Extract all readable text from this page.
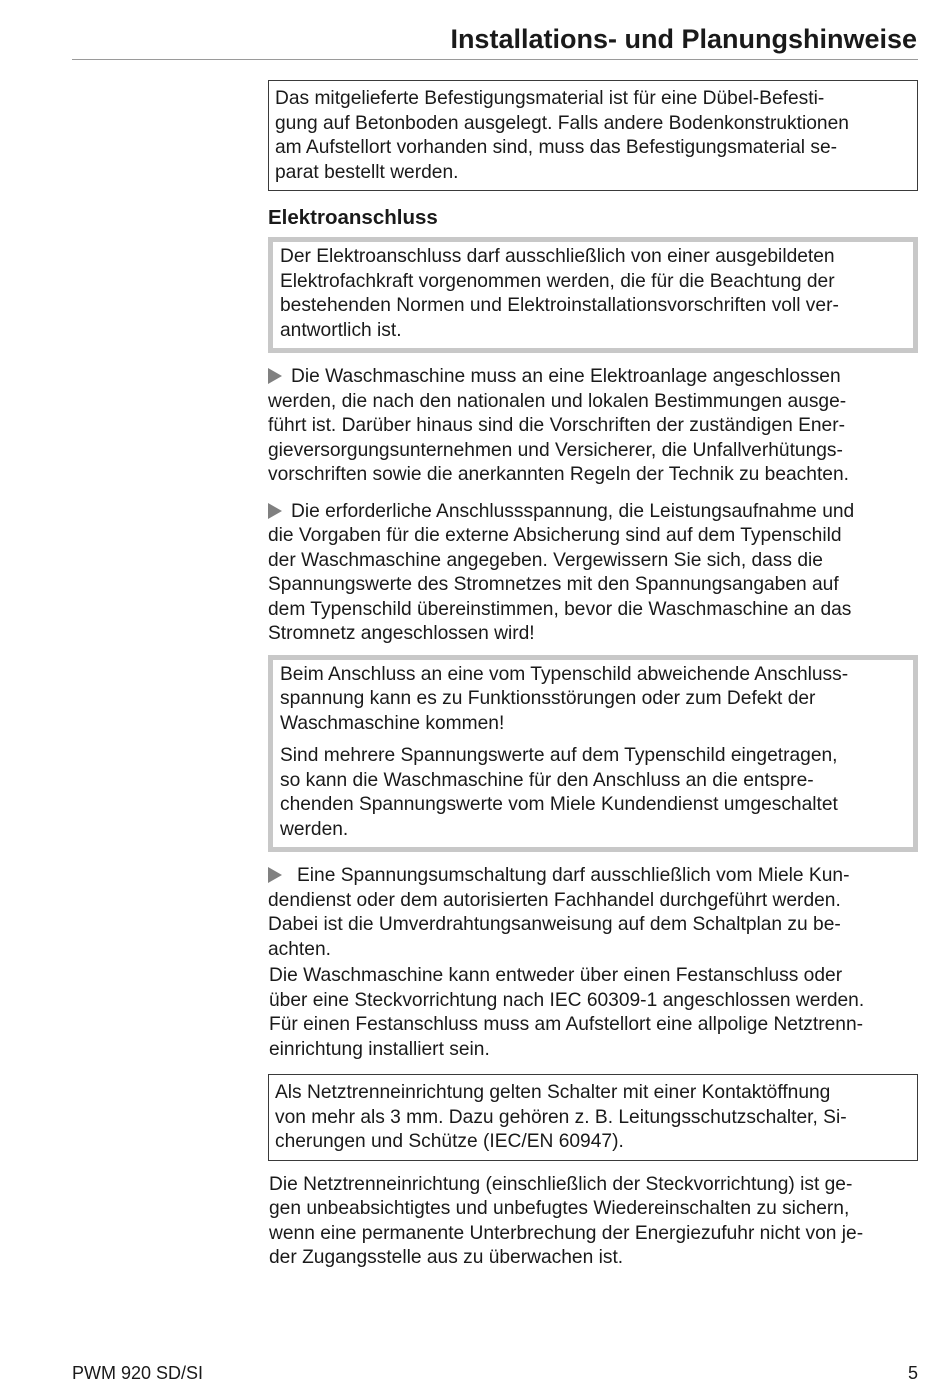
Installations- und Planungshinweise
Das mitgelieferte Befestigungsmaterial ist für eine Dübel-Befesti-
gung auf Betonboden ausgelegt. Falls andere Bodenkonstruktionen
am Aufstellort vorhanden sind, muss das Befestigungsmaterial se-
parat bestellt werden.
Elektroanschluss
Der Elektroanschluss darf ausschließlich von einer ausgebildeten
Elektrofachkraft vorgenommen werden, die für die Beachtung der
bestehenden Normen und Elektroinstallationsvorschriften voll ver-
antwortlich ist.
Die Waschmaschine muss an eine Elektroanlage angeschlossen
werden, die nach den nationalen und lokalen Bestimmungen ausge-
führt ist. Darüber hinaus sind die Vorschriften der zuständigen Ener-
gieversorgungsunternehmen und Versicherer, die Unfallverhütungs-
vorschriften sowie die anerkannten Regeln der Technik zu beachten.
Die erforderliche Anschlussspannung, die Leistungsaufnahme und
die Vorgaben für die externe Absicherung sind auf dem Typenschild
der Waschmaschine angegeben. Vergewissern Sie sich, dass die
Spannungswerte des Stromnetzes mit den Spannungsangaben auf
dem Typenschild übereinstimmen, bevor die Waschmaschine an das
Stromnetz angeschlossen wird!
Beim Anschluss an eine vom Typenschild abweichende Anschluss-
spannung kann es zu Funktionsstörungen oder zum Defekt der
Waschmaschine kommen!
Sind mehrere Spannungswerte auf dem Typenschild eingetragen,
so kann die Waschmaschine für den Anschluss an die entspre-
chenden Spannungswerte vom Miele Kundendienst umgeschaltet
werden.
Eine Spannungsumschaltung darf ausschließlich vom Miele Kun-
dendienst oder dem autorisierten Fachhandel durchgeführt werden.
Dabei ist die Umverdrahtungsanweisung auf dem Schaltplan zu be-
achten.
Die Waschmaschine kann entweder über einen Festanschluss oder
über eine Steckvorrichtung nach IEC 60309-1 angeschlossen werden.
Für einen Festanschluss muss am Aufstellort eine allpolige Netztrenn-
einrichtung installiert sein.
Als Netztrenneinrichtung gelten Schalter mit einer Kontaktöffnung
von mehr als 3 mm. Dazu gehören z. B. Leitungsschutzschalter, Si-
cherungen und Schütze (IEC/EN 60947).
Die Netztrenneinrichtung (einschließlich der Steckvorrichtung) ist ge-
gen unbeabsichtigtes und unbefugtes Wiedereinschalten zu sichern,
wenn eine permanente Unterbrechung der Energiezufuhr nicht von je-
der Zugangsstelle aus zu überwachen ist.
PWM 920 SD/SI	5
